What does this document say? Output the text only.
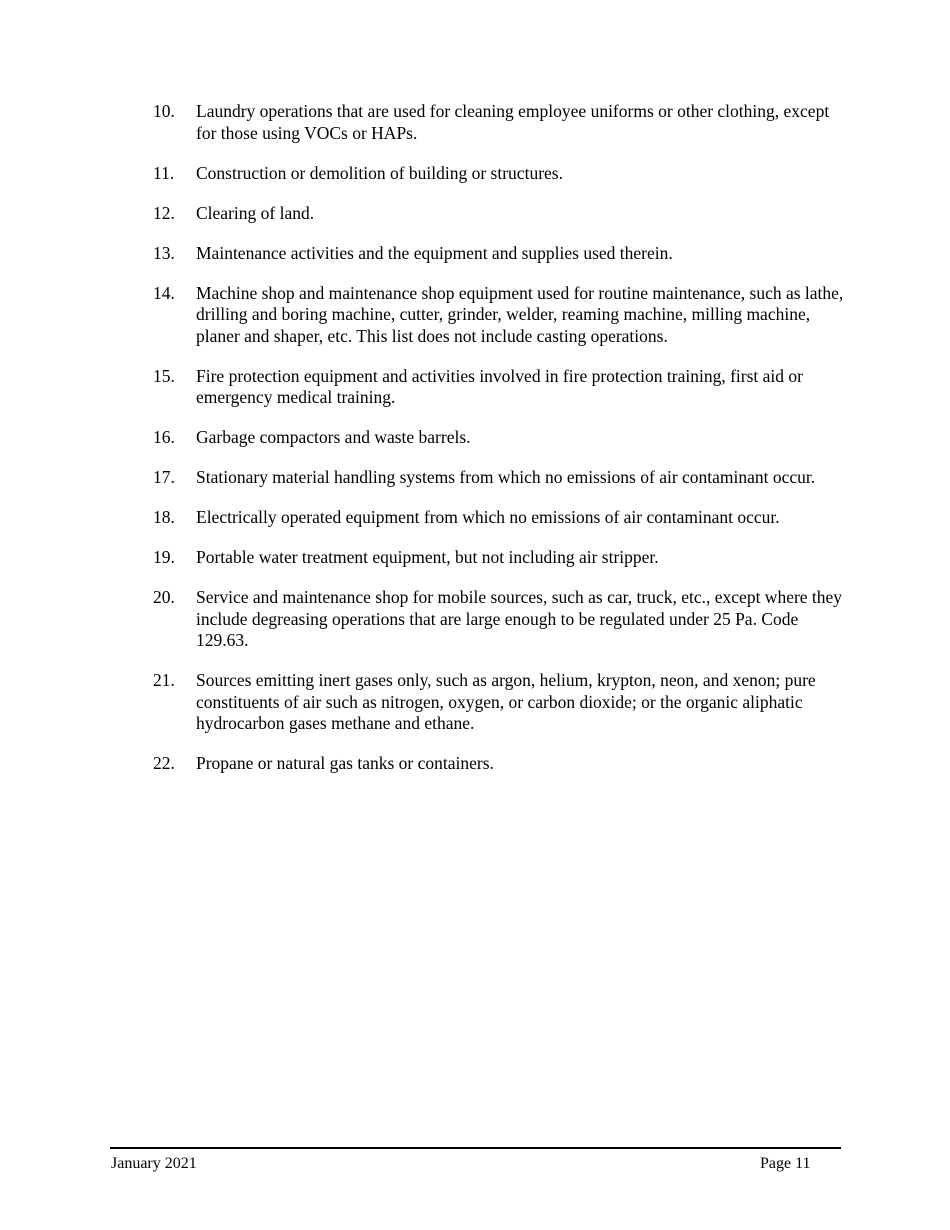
10.	Laundry operations that are used for cleaning employee uniforms or other clothing, except for those using VOCs or HAPs.
11.	Construction or demolition of building or structures.
12.	Clearing of land.
13.	Maintenance activities and the equipment and supplies used therein.
14.	Machine shop and maintenance shop equipment used for routine maintenance, such as lathe, drilling and boring machine, cutter, grinder, welder, reaming machine, milling machine, planer and shaper, etc. This list does not include casting operations.
15.	Fire protection equipment and activities involved in fire protection training, first aid or emergency medical training.
16.	Garbage compactors and waste barrels.
17.	Stationary material handling systems from which no emissions of air contaminant occur.
18.	Electrically operated equipment from which no emissions of air contaminant occur.
19.	Portable water treatment equipment, but not including air stripper.
20.	Service and maintenance shop for mobile sources, such as car, truck, etc., except where they include degreasing operations that are large enough to be regulated under 25 Pa. Code 129.63.
21.	Sources emitting inert gases only, such as argon, helium, krypton, neon, and xenon; pure constituents of air such as nitrogen, oxygen, or carbon dioxide; or the organic aliphatic hydrocarbon gases methane and ethane.
22.	Propane or natural gas tanks or containers.
January 2021	Page 11
